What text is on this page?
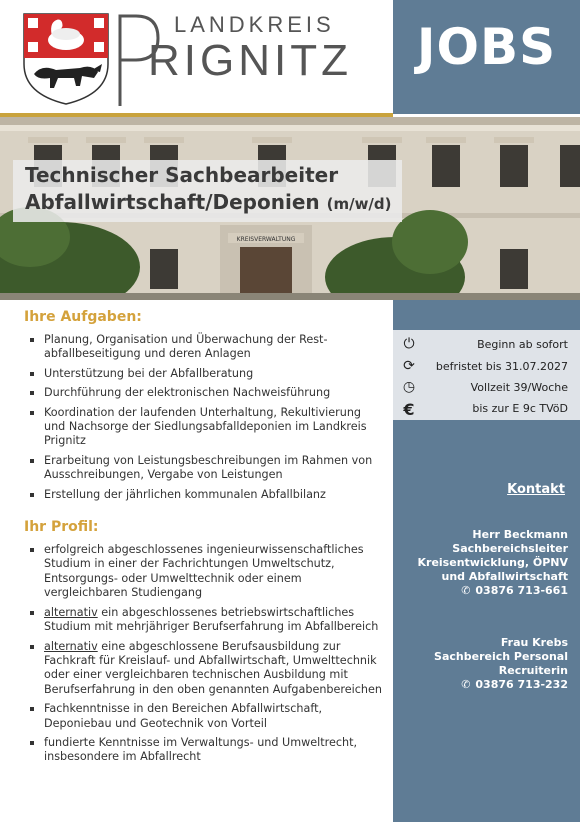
LANDKREIS
RIGNITZ	JOBS
KREISVERWALTUNG
Technischer Sachbearbeiter
Abfallwirtschaft/Deponien (m/w/d)
Ihre Aufgaben:
Planung, Organisation und Überwachung der Restabfallbeseitigung und deren Anlagen
Unterstützung bei der Abfallberatung
Durchführung der elektronischen Nachweisführung
Koordination der laufenden Unterhaltung, Rekultivierung und Nachsorge der Siedlungsabfalldeponien im Landkreis Prignitz
Erarbeitung von Leistungsbeschreibungen im Rahmen von Ausschreibungen, Vergabe von Leistungen
Erstellung der jährlichen kommunalen Abfallbilanz
Ihr Profil:
erfolgreich abgeschlossenes ingenieurwissenschaftliches Studium in einer der Fachrichtungen Umweltschutz, Entsorgungs- oder Umwelttechnik oder einem vergleichbaren Studiengang
alternativ ein abgeschlossenes betriebswirtschaftliches Studium mit mehrjähriger Berufserfahrung im Abfallbereich
alternativ eine abgeschlossene Berufsausbildung zur Fachkraft für Kreislauf- und Abfallwirtschaft, Umwelttechnik oder einer vergleichbaren technischen Ausbildung mit Berufserfahrung in den oben genannten Aufgabenbereichen
Fachkenntnisse in den Bereichen Abfallwirtschaft, Deponiebau und Geotechnik von Vorteil
fundierte Kenntnisse im Verwaltungs- und Umweltrecht, insbesondere im Abfallrecht
⏻	Beginn ab sofort
⟳ befristet bis 31.07.2027
◷	Vollzeit 39/Woche
€	bis zur E 9c TVöD
Kontakt
Herr Beckmann
Sachbereichsleiter
Kreisentwicklung, ÖPNV
und Abfallwirtschaft
✆ 03876 713-661
Frau Krebs
Sachbereich Personal
Recruiterin
✆ 03876 713-232
